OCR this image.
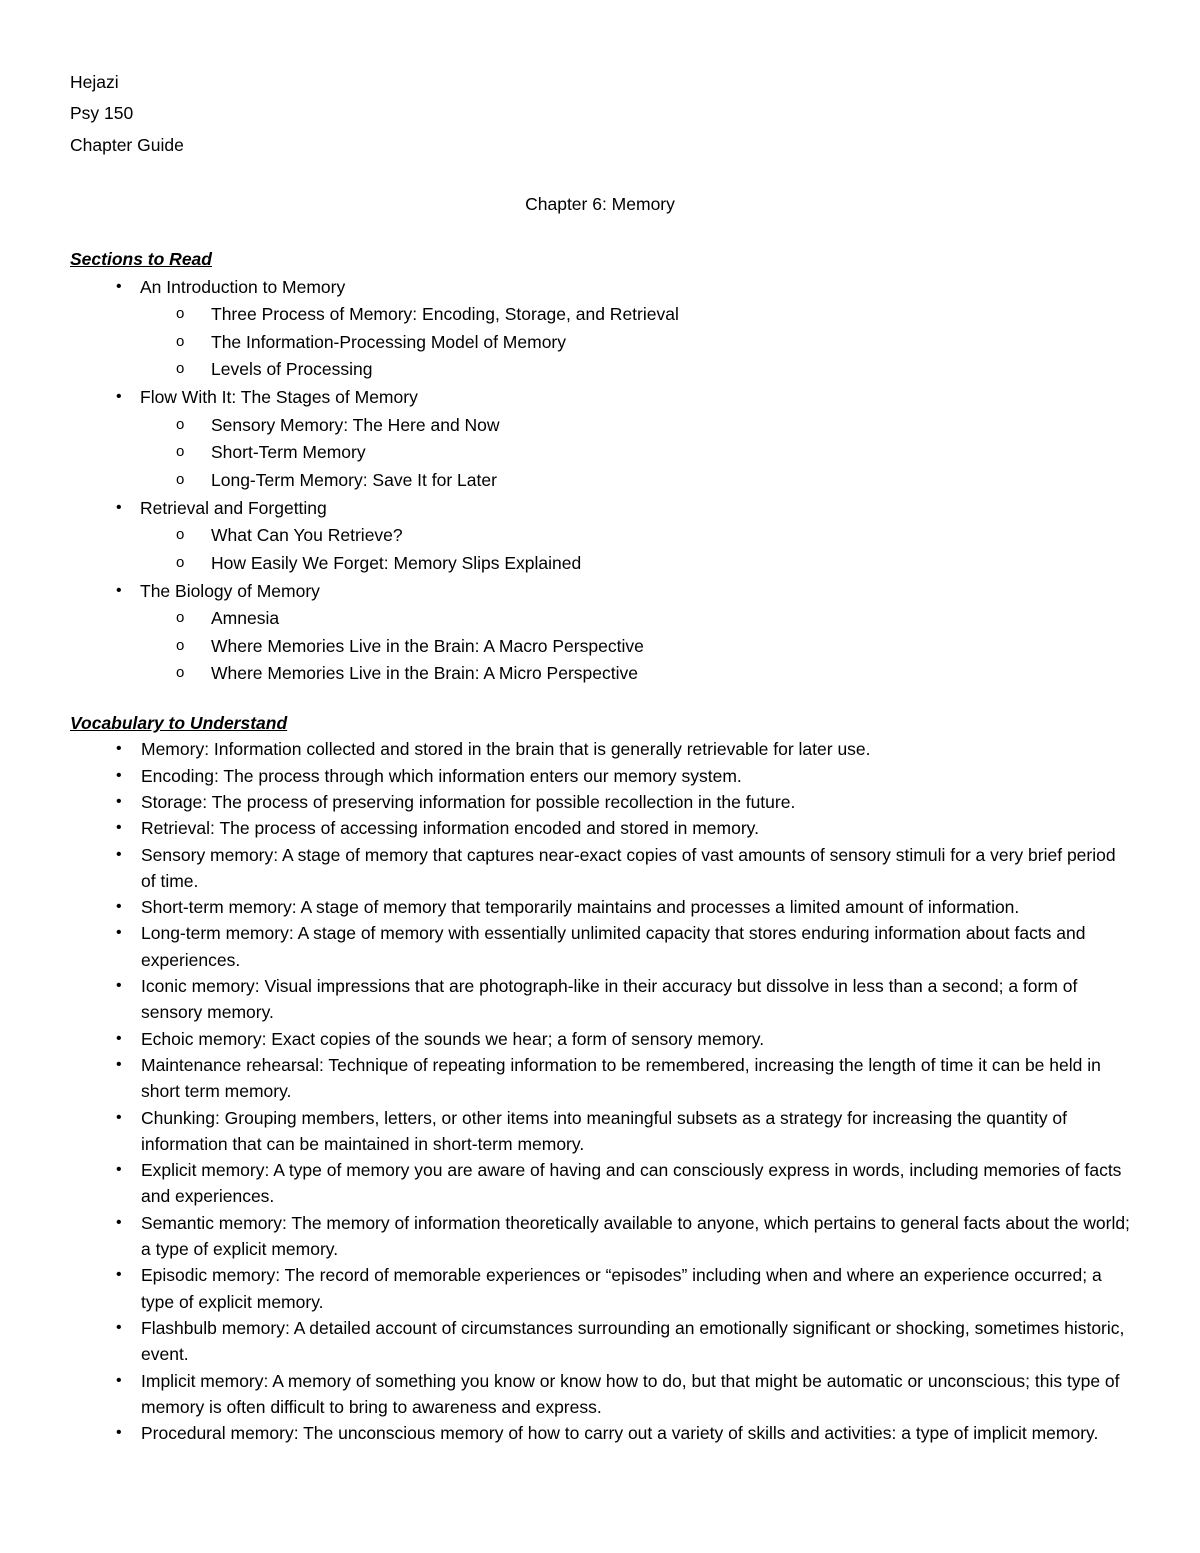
Hejazi
Psy 150
Chapter Guide
Chapter 6: Memory
Sections to Read
• An Introduction to Memory
o Three Process of Memory: Encoding, Storage, and Retrieval
o The Information-Processing Model of Memory
o Levels of Processing
• Flow With It: The Stages of Memory
o Sensory Memory: The Here and Now
o Short-Term Memory
o Long-Term Memory: Save It for Later
• Retrieval and Forgetting
o What Can You Retrieve?
o How Easily We Forget: Memory Slips Explained
• The Biology of Memory
o Amnesia
o Where Memories Live in the Brain: A Macro Perspective
o Where Memories Live in the Brain: A Micro Perspective
Vocabulary to Understand
• Memory: Information collected and stored in the brain that is generally retrievable for later use.
• Encoding: The process through which information enters our memory system.
• Storage: The process of preserving information for possible recollection in the future.
• Retrieval: The process of accessing information encoded and stored in memory.
• Sensory memory: A stage of memory that captures near-exact copies of vast amounts of sensory stimuli for a very brief period of time.
• Short-term memory: A stage of memory that temporarily maintains and processes a limited amount of information.
• Long-term memory: A stage of memory with essentially unlimited capacity that stores enduring information about facts and experiences.
• Iconic memory: Visual impressions that are photograph-like in their accuracy but dissolve in less than a second; a form of sensory memory.
• Echoic memory: Exact copies of the sounds we hear; a form of sensory memory.
• Maintenance rehearsal: Technique of repeating information to be remembered, increasing the length of time it can be held in short term memory.
• Chunking: Grouping members, letters, or other items into meaningful subsets as a strategy for increasing the quantity of information that can be maintained in short-term memory.
• Explicit memory: A type of memory you are aware of having and can consciously express in words, including memories of facts and experiences.
• Semantic memory: The memory of information theoretically available to anyone, which pertains to general facts about the world; a type of explicit memory.
• Episodic memory: The record of memorable experiences or “episodes” including when and where an experience occurred; a type of explicit memory.
• Flashbulb memory: A detailed account of circumstances surrounding an emotionally significant or shocking, sometimes historic, event.
• Implicit memory: A memory of something you know or know how to do, but that might be automatic or unconscious; this type of memory is often difficult to bring to awareness and express.
• Procedural memory: The unconscious memory of how to carry out a variety of skills and activities: a type of implicit memory.
